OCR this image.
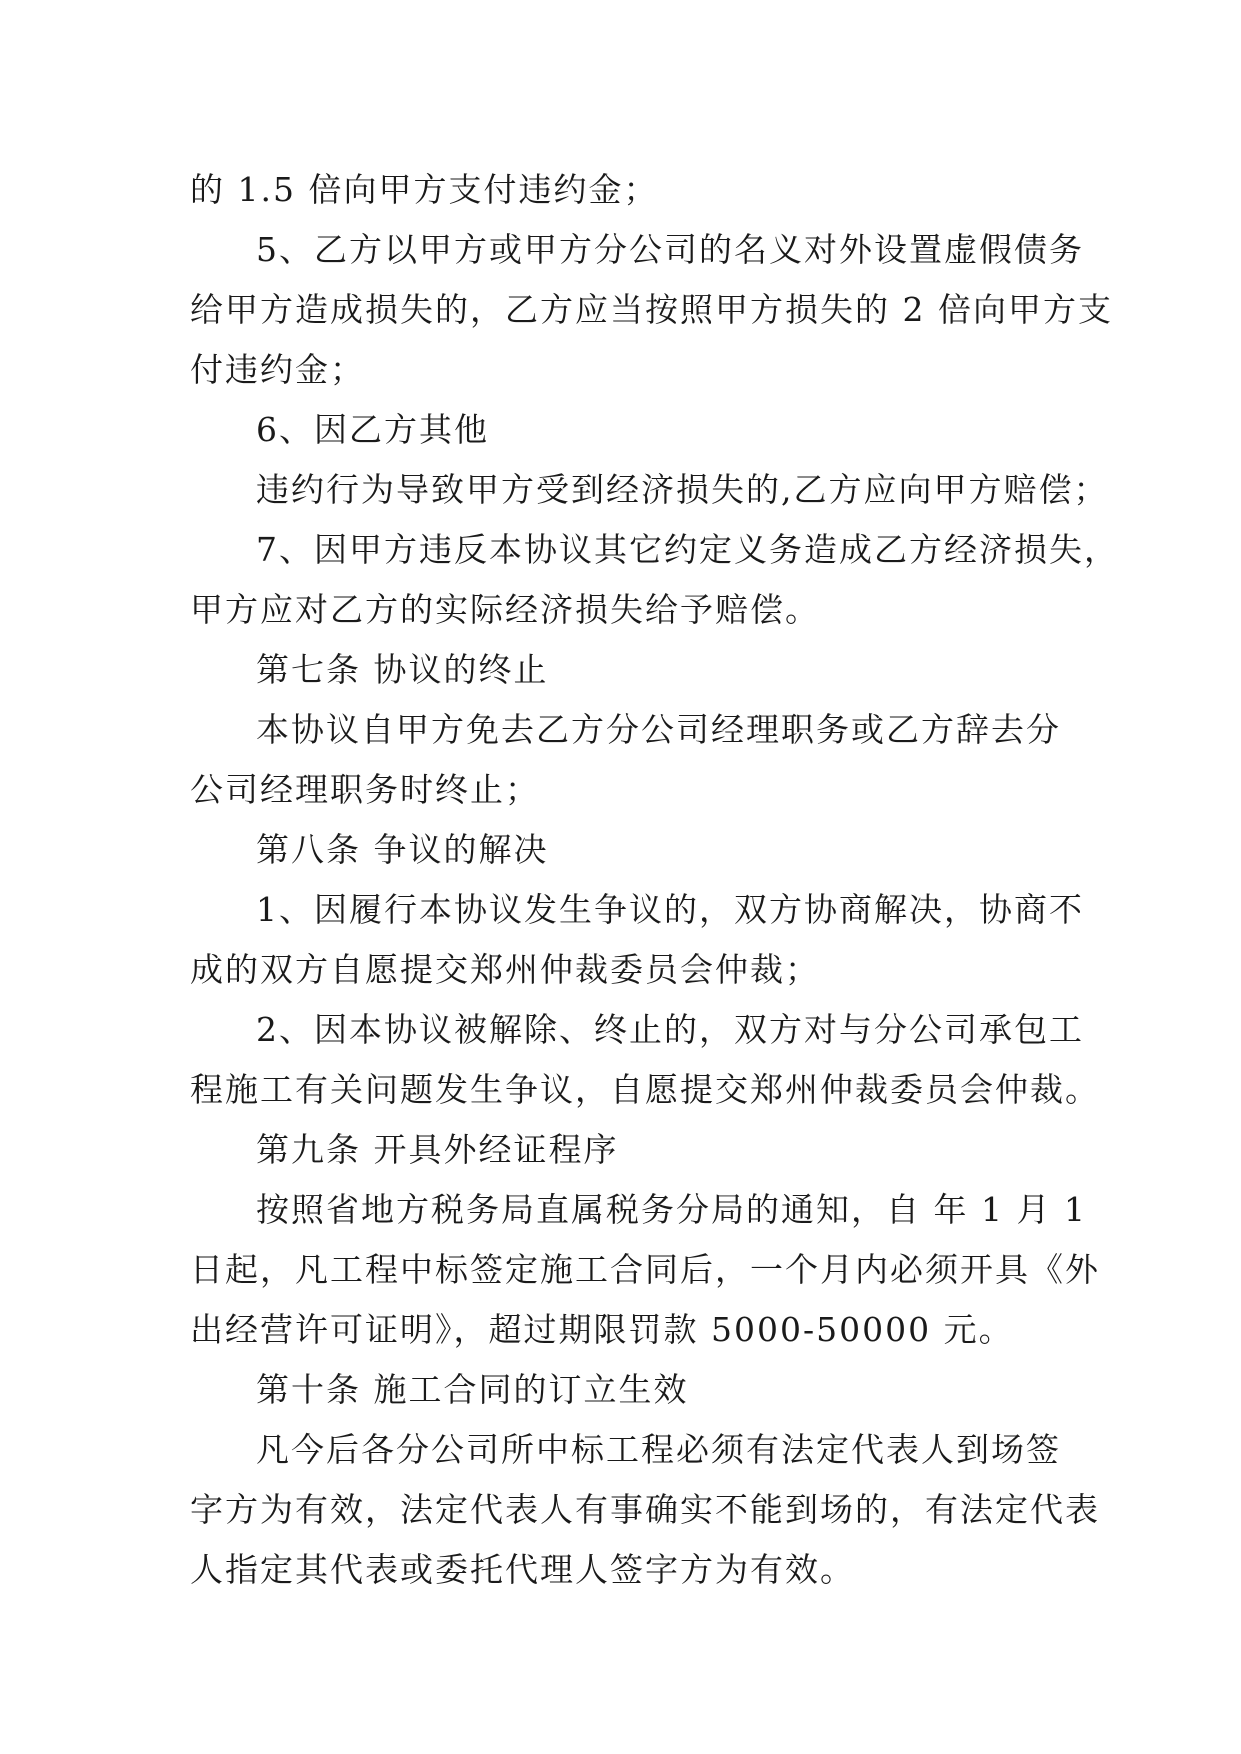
的 1.5 倍向甲方支付违约金；
5、乙方以甲方或甲方分公司的名义对外设置虚假债务
给甲方造成损失的，乙方应当按照甲方损失的 2 倍向甲方支
付违约金；
6、因乙方其他
违约行为导致甲方受到经济损失的,乙方应向甲方赔偿；
7、因甲方违反本协议其它约定义务造成乙方经济损失，
甲方应对乙方的实际经济损失给予赔偿。
第七条 协议的终止
本协议自甲方免去乙方分公司经理职务或乙方辞去分
公司经理职务时终止；
第八条 争议的解决
1、因履行本协议发生争议的，双方协商解决，协商不
成的双方自愿提交郑州仲裁委员会仲裁；
2、因本协议被解除、终止的，双方对与分公司承包工
程施工有关问题发生争议，自愿提交郑州仲裁委员会仲裁。
第九条 开具外经证程序
按照省地方税务局直属税务分局的通知，自 年 1 月 1
日起，凡工程中标签定施工合同后，一个月内必须开具《外
出经营许可证明》，超过期限罚款 5000-50000 元。
第十条 施工合同的订立生效
凡今后各分公司所中标工程必须有法定代表人到场签
字方为有效，法定代表人有事确实不能到场的，有法定代表
人指定其代表或委托代理人签字方为有效。
